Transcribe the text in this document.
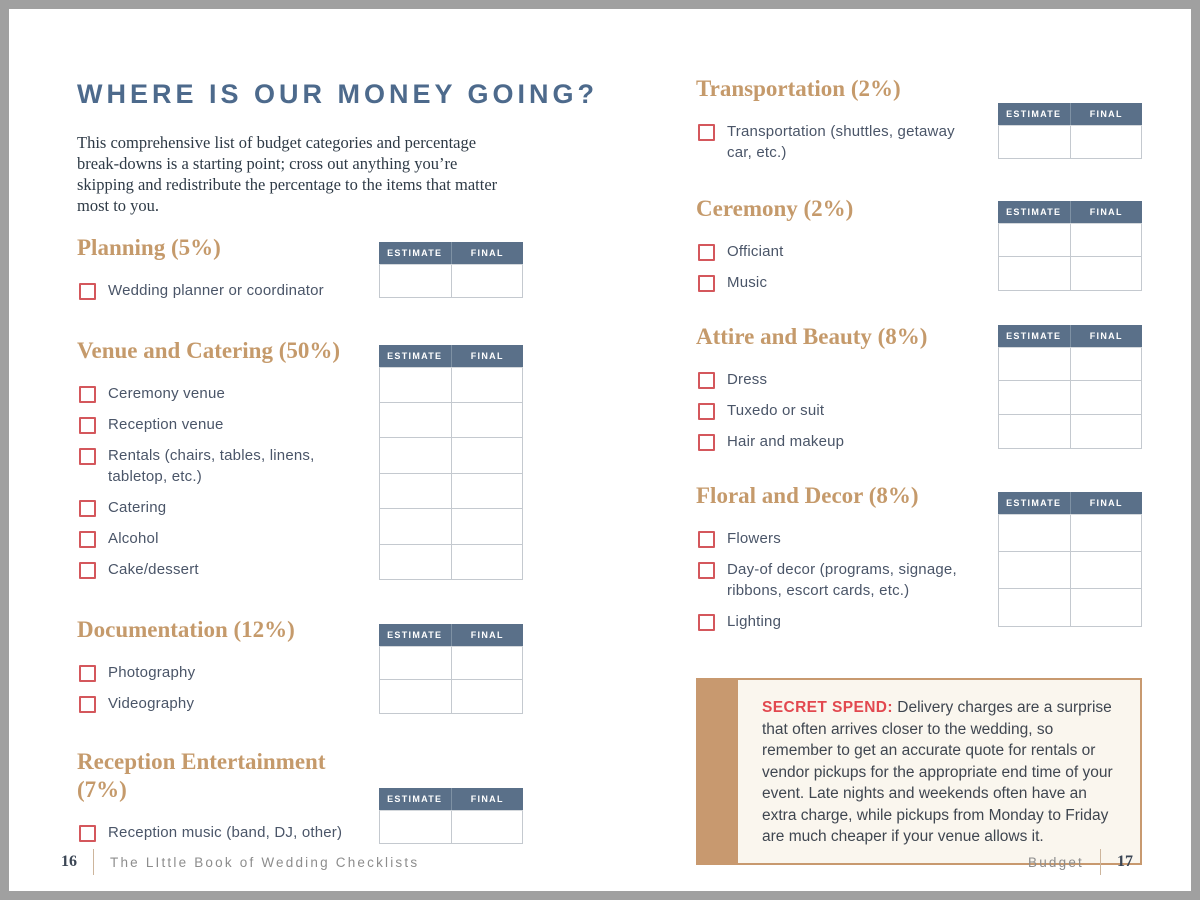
WHERE IS OUR MONEY GOING?

This comprehensive list of budget categories and percentage break-downs is a starting point; cross out anything you’re skipping and redistribute the percentage to the items that matter most to you.

Planning (5%)
Wedding planner or coordinator
ESTIMATE	FINAL
Venue and Catering (50%)
Ceremony venue
Reception venue
Rentals (chairs, tables, linens, tabletop, etc.)
Catering
Alcohol
Cake/dessert
ESTIMATE	FINAL
Documentation (12%)
Photography
Videography
ESTIMATE	FINAL
Reception Entertainment (7%)
Reception music (band, DJ, other)
ESTIMATE	FINAL
Transportation (2%)
Transportation (shuttles, getaway car, etc.)
ESTIMATE	FINAL
Ceremony (2%)
Officiant
Music
ESTIMATE	FINAL
Attire and Beauty (8%)
Dress
Tuxedo or suit
Hair and makeup
ESTIMATE	FINAL
Floral and Decor (8%)
Flowers
Day-of decor (programs, signage, ribbons, escort cards, etc.)
Lighting
ESTIMATE	FINAL

SECRET SPEND: Delivery charges are a surprise that often arrives closer to the wedding, so remember to get an accurate quote for rentals or vendor pickups for the appropriate end time of your event. Late nights and weekends often have an extra charge, while pickups from Monday to Friday are much cheaper if your venue allows it.

16 The LIttle Book of Wedding Checklists	Budget 17
